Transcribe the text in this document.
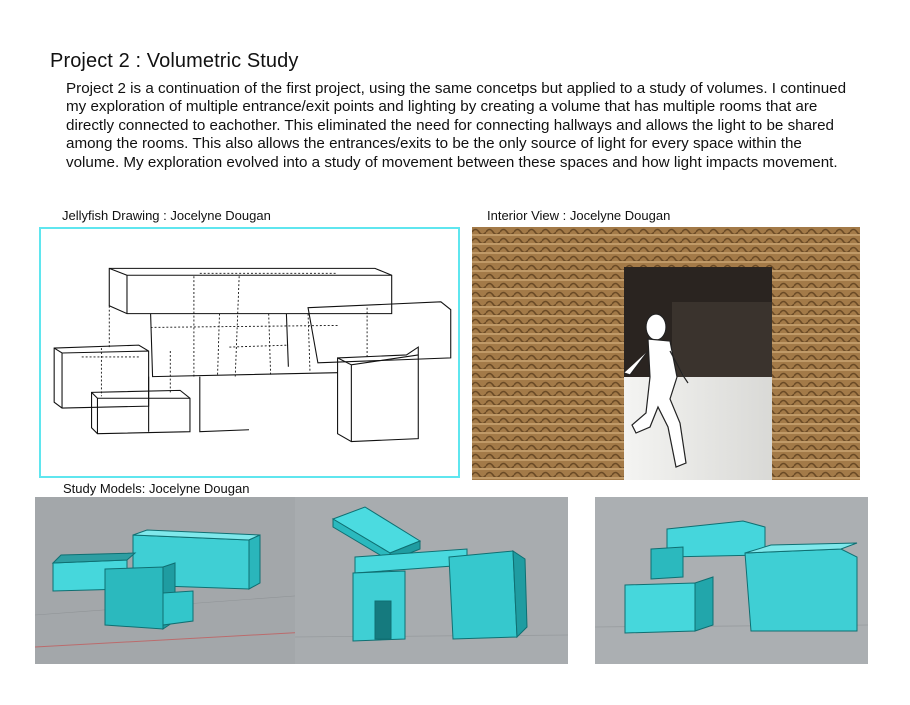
Project 2 : Volumetric Study
Project 2 is a continuation of the first project, using the same concetps but applied to a study of volumes. I continued my exploration of multiple entrance/exit points and lighting by creating a volume that has multiple rooms that are directly connected to eachother. This eliminated the need for connecting hallways and allows the light to be shared among the rooms. This also allows the entrances/exits to be the only source of light for every space within the volume. My exploration evolved into a study of movement between these spaces and how light impacts movement.
Jellyfish Drawing : Jocelyne Dougan	Interior View : Jocelyne Dougan
Study Models: Jocelyne Dougan
